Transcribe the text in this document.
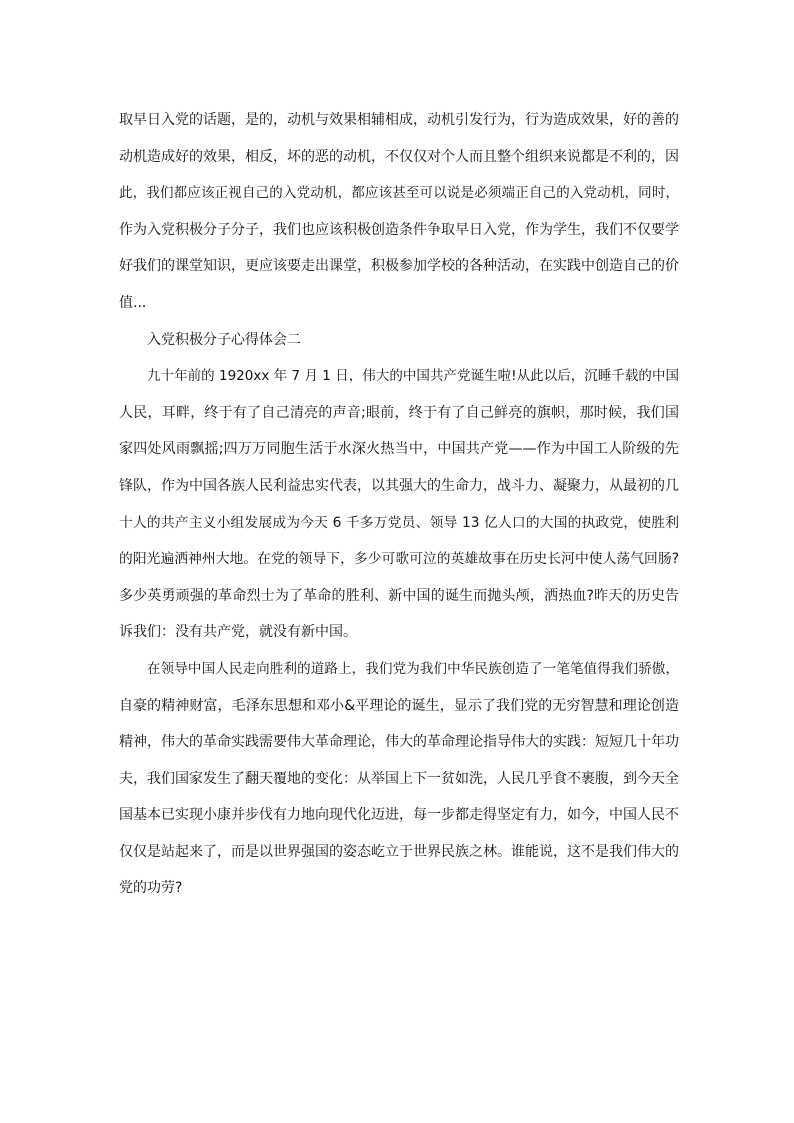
取早日入党的话题，是的，动机与效果相辅相成，动机引发行为，行为造成效果，好的善的
动机造成好的效果，相反，坏的恶的动机，不仅仅对个人而且整个组织来说都是不利的，因
此，我们都应该正视自己的入党动机，都应该甚至可以说是必须端正自己的入党动机，同时，
作为入党积极分子分子，我们也应该积极创造条件争取早日入党，作为学生，我们不仅要学
好我们的课堂知识，更应该要走出课堂，积极参加学校的各种活动，在实践中创造自己的价
值...
入党积极分子心得体会二
九十年前的 1920xx 年 7 月 1 日，伟大的中国共产党诞生啦!从此以后，沉睡千载的中国
人民，耳畔，终于有了自己清亮的声音;眼前，终于有了自己鲜亮的旗帜，那时候，我们国
家四处风雨飘摇;四万万同胞生活于水深火热当中，中国共产党——作为中国工人阶级的先
锋队，作为中国各族人民利益忠实代表，以其强大的生命力，战斗力、凝聚力，从最初的几
十人的共产主义小组发展成为今天 6 千多万党员、领导 13 亿人口的大国的执政党，使胜利
的阳光遍洒神州大地。在党的领导下，多少可歌可泣的英雄故事在历史长河中使人荡气回肠?
多少英勇顽强的革命烈士为了革命的胜利、新中国的诞生而抛头颅，洒热血?昨天的历史告
诉我们：没有共产党，就没有新中国。
在领导中国人民走向胜利的道路上，我们党为我们中华民族创造了一笔笔值得我们骄傲，
自豪的精神财富，毛泽东思想和邓小&平理论的诞生，显示了我们党的无穷智慧和理论创造
精神，伟大的革命实践需要伟大革命理论，伟大的革命理论指导伟大的实践：短短几十年功
夫，我们国家发生了翻天覆地的变化：从举国上下一贫如洗，人民几乎食不裹腹，到今天全
国基本已实现小康并步伐有力地向现代化迈进，每一步都走得坚定有力，如今，中国人民不
仅仅是站起来了，而是以世界强国的姿态屹立于世界民族之林。谁能说，这不是我们伟大的
党的功劳?
